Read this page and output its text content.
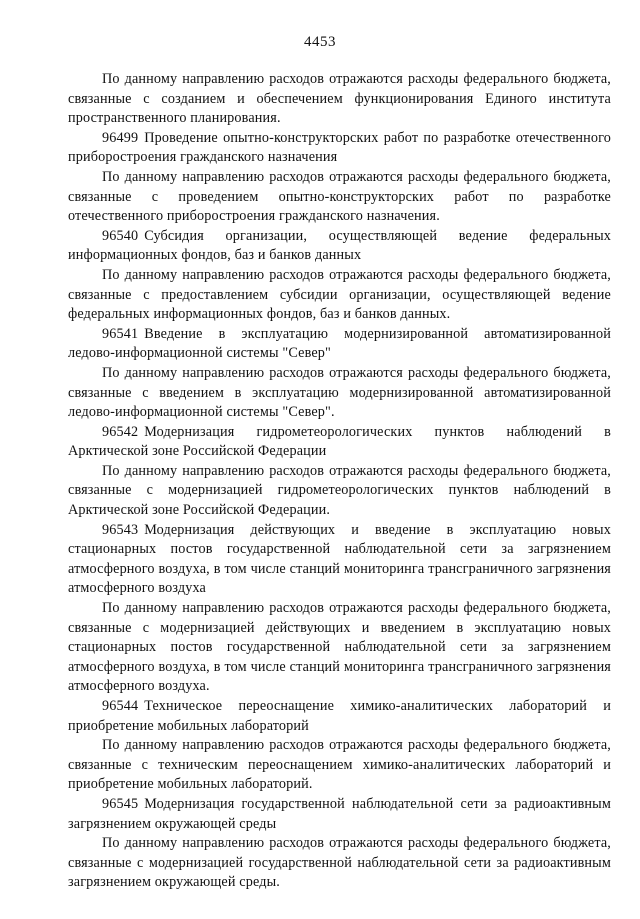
4453

По данному направлению расходов отражаются расходы федерального бюджета, связанные с созданием и обеспечением функционирования Единого института пространственного планирования.

96499 Проведение опытно-конструкторских работ по разработке отечественного приборостроения гражданского назначения

По данному направлению расходов отражаются расходы федерального бюджета, связанные с проведением опытно-конструкторских работ по разработке отечественного приборостроения гражданского назначения.

96540 Субсидия организации, осуществляющей ведение федеральных информационных фондов, баз и банков данных

По данному направлению расходов отражаются расходы федерального бюджета, связанные с предоставлением субсидии организации, осуществляющей ведение федеральных информационных фондов, баз и банков данных.

96541 Введение в эксплуатацию модернизированной автоматизированной ледово-информационной системы "Север"

По данному направлению расходов отражаются расходы федерального бюджета, связанные с введением в эксплуатацию модернизированной автоматизированной ледово-информационной системы "Север".

96542 Модернизация гидрометеорологических пунктов наблюдений в Арктической зоне Российской Федерации

По данному направлению расходов отражаются расходы федерального бюджета, связанные с модернизацией гидрометеорологических пунктов наблюдений в Арктической зоне Российской Федерации.

96543 Модернизация действующих и введение в эксплуатацию новых стационарных постов государственной наблюдательной сети за загрязнением атмосферного воздуха, в том числе станций мониторинга трансграничного загрязнения атмосферного воздуха

По данному направлению расходов отражаются расходы федерального бюджета, связанные с модернизацией действующих и введением в эксплуатацию новых стационарных постов государственной наблюдательной сети за загрязнением атмосферного воздуха, в том числе станций мониторинга трансграничного загрязнения атмосферного воздуха.

96544 Техническое переоснащение химико-аналитических лабораторий и приобретение мобильных лабораторий

По данному направлению расходов отражаются расходы федерального бюджета, связанные с техническим переоснащением химико-аналитических лабораторий и приобретение мобильных лабораторий.

96545 Модернизация государственной наблюдательной сети за радиоактивным загрязнением окружающей среды

По данному направлению расходов отражаются расходы федерального бюджета, связанные с модернизацией государственной наблюдательной сети за радиоактивным загрязнением окружающей среды.
